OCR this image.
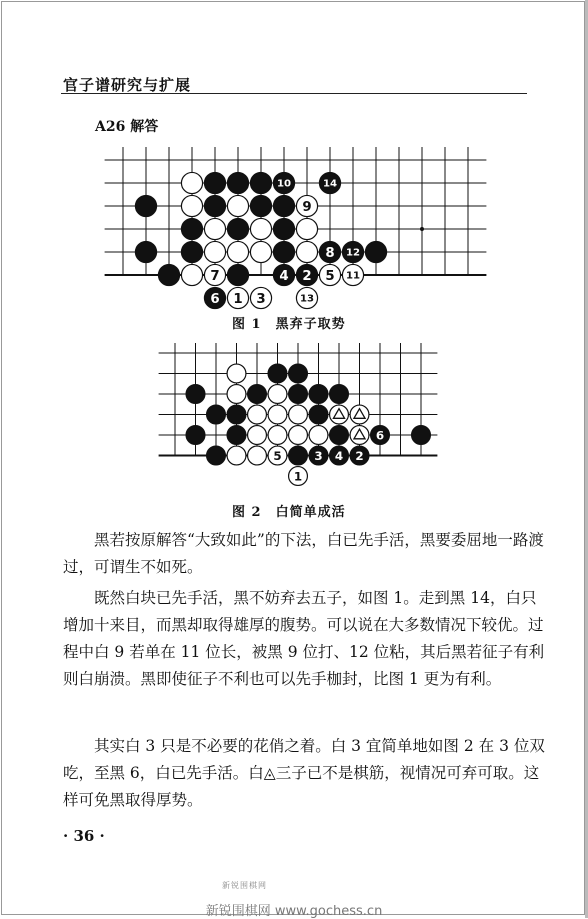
官子谱研究与扩展
A26 解答
10	14
9
8 12
7	4 2 5 11
6 1 3	13
图 1　黑弃子取势
6
5	3 4 2
1
图 2　白简单成活

　　黑若按原解答“大致如此”的下法，白已先手活，黑要委屈地一路渡过，可谓生不如死。

　　既然白块已先手活，黑不妨弃去五子，如图 1。走到黑 14，白只增加十来目，而黑却取得雄厚的腹势。可以说在大多数情况下较优。过程中白 9 若单在 11 位长，被黑 9 位打、12 位粘，其后黑若征子有利则白崩溃。黑即使征子不利也可以先手枷封，比图 1 更为有利。

　　其实白 3 只是不必要的花俏之着。白 3 宜简单地如图 2 在 3 位双吃，至黑 6，白已先手活。白◬三子已不是棋筋，视情况可弃可取。这样可免黑取得厚势。

· 36 ·
新锐围棋网
新锐围棋网 www.gochess.cn
